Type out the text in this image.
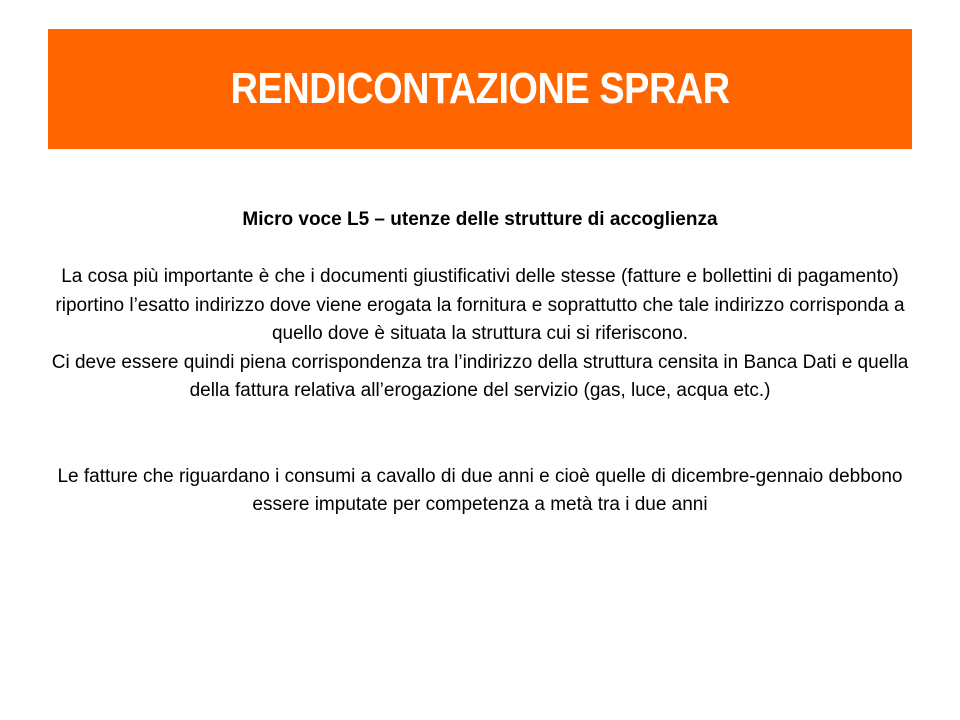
RENDICONTAZIONE SPRAR

Micro voce L5 – utenze delle strutture di accoglienza

La cosa più importante è che i documenti giustificativi delle stesse (fatture e bollettini di pagamento) riportino l’esatto indirizzo dove viene erogata la fornitura e soprattutto che tale indirizzo corrisponda a quello dove è situata la struttura cui si riferiscono.

Ci deve essere quindi piena corrispondenza tra l’indirizzo della struttura censita in Banca Dati e quella della fattura relativa all’erogazione del servizio (gas, luce, acqua etc.)

Le fatture che riguardano i consumi a cavallo di due anni e cioè quelle di dicembre-gennaio debbono essere imputate per competenza a metà tra i due anni
